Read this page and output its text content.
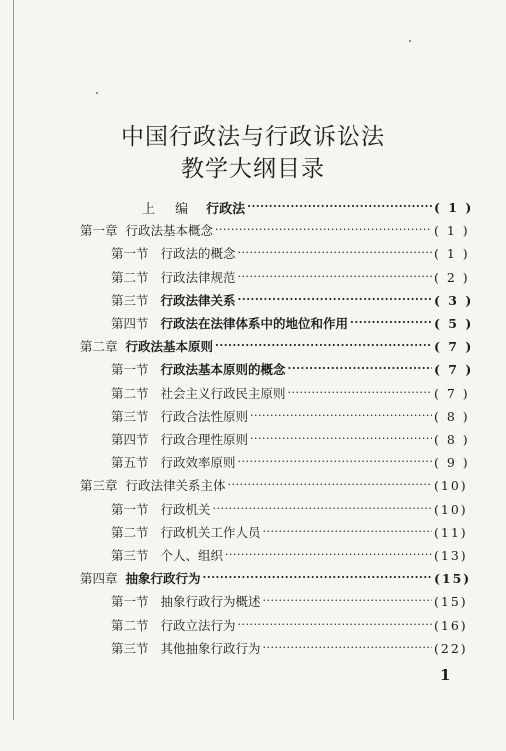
中国行政法与行政诉讼法
教学大纲目录
上 编 行政法 ·····	( 1 )
第一章 行政法基本概念 ·····	( 1 )
第一节 行政法的概念 ·····	( 1 )
第二节 行政法律规范 ·····	( 2 )
第三节 行政法律关系 ·····	( 3 )
第四节 行政法在法律体系中的地位和作用 ·····	( 5 )
第二章 行政法基本原则 ·····	( 7 )
第一节 行政法基本原则的概念 ·····	( 7 )
第二节 社会主义行政民主原则 ·····	( 7 )
第三节 行政合法性原则 ·····	( 8 )
第四节 行政合理性原则 ·····	( 8 )
第五节 行政效率原则 ·····	( 9 )
第三章 行政法律关系主体 ·····	(10)
第一节 行政机关 ·····	(10)
第二节 行政机关工作人员 ·····	(11)
第三节 个人、组织 ·····	(13)
第四章 抽象行政行为 ·····	(15)
第一节 抽象行政行为概述 ·····	(15)
第二节 行政立法行为 ·····	(16)
第三节 其他抽象行政行为 ·····	(22)
1
